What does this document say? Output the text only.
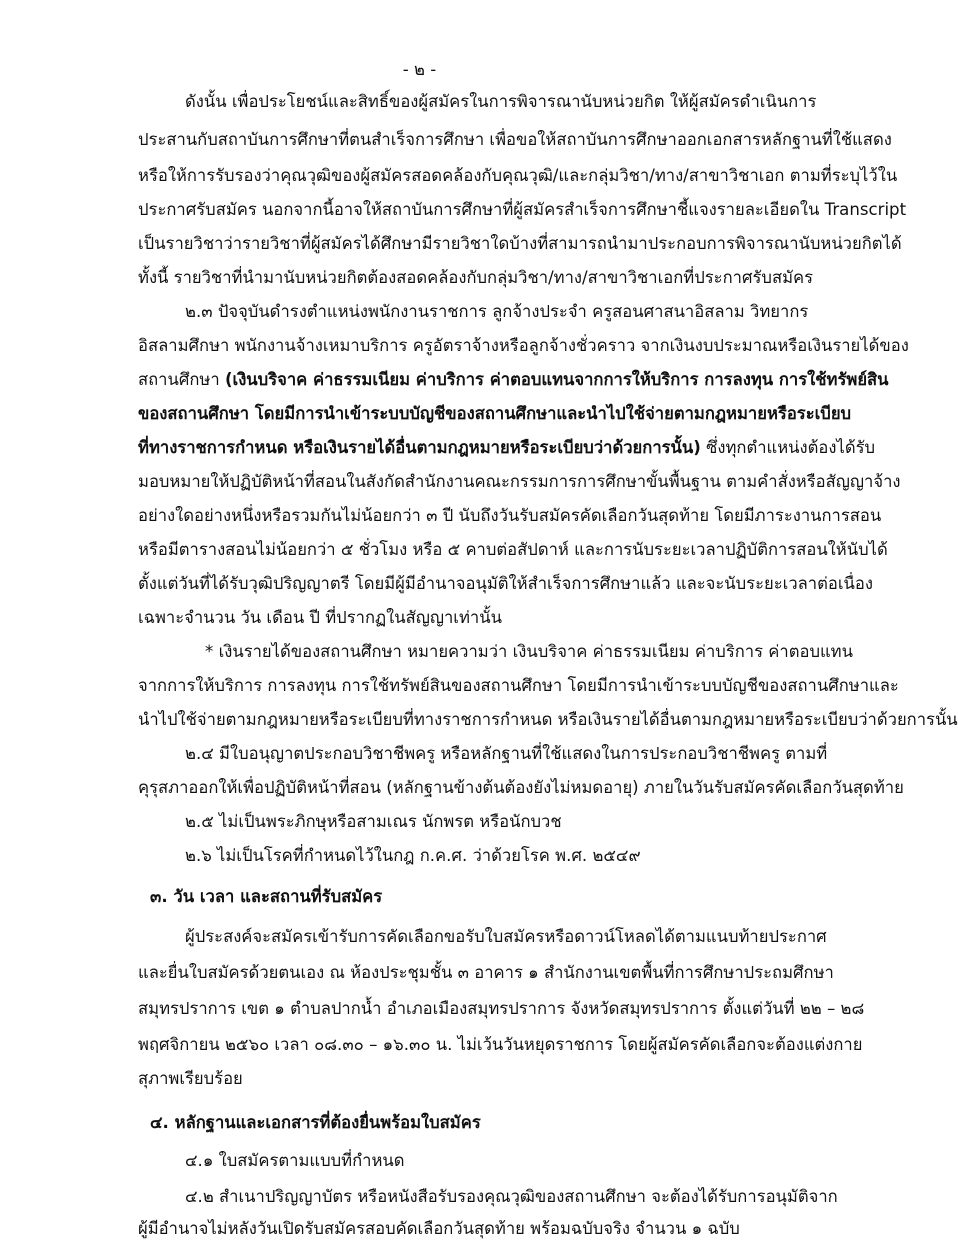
- ๒ -
ดังนั้น เพื่อประโยชน์และสิทธิ์ของผู้สมัครในการพิจารณานับหน่วยกิต ให้ผู้สมัครดำเนินการ
ประสานกับสถาบันการศึกษาที่ตนสำเร็จการศึกษา เพื่อขอให้สถาบันการศึกษาออกเอกสารหลักฐานที่ใช้แสดง
หรือให้การรับรองว่าคุณวุฒิของผู้สมัครสอดคล้องกับคุณวุฒิ/และกลุ่มวิชา/ทาง/สาขาวิชาเอก ตามที่ระบุไว้ใน
ประกาศรับสมัคร นอกจากนี้อาจให้สถาบันการศึกษาที่ผู้สมัครสำเร็จการศึกษาชี้แจงรายละเอียดใน Transcript
เป็นรายวิชาว่ารายวิชาที่ผู้สมัครได้ศึกษามีรายวิชาใดบ้างที่สามารถนำมาประกอบการพิจารณานับหน่วยกิตได้
ทั้งนี้ รายวิชาที่นำมานับหน่วยกิตต้องสอดคล้องกับกลุ่มวิชา/ทาง/สาขาวิชาเอกที่ประกาศรับสมัคร
๒.๓ ปัจจุบันดำรงตำแหน่งพนักงานราชการ ลูกจ้างประจำ ครูสอนศาสนาอิสลาม วิทยากร
อิสลามศึกษา พนักงานจ้างเหมาบริการ ครูอัตราจ้างหรือลูกจ้างชั่วคราว จากเงินงบประมาณหรือเงินรายได้ของ
สถานศึกษา (เงินบริจาค ค่าธรรมเนียม ค่าบริการ ค่าตอบแทนจากการให้บริการ การลงทุน การใช้ทรัพย์สิน
ของสถานศึกษา โดยมีการนำเข้าระบบบัญชีของสถานศึกษาและนำไปใช้จ่ายตามกฎหมายหรือระเบียบ
ที่ทางราชการกำหนด หรือเงินรายได้อื่นตามกฎหมายหรือระเบียบว่าด้วยการนั้น) ซึ่งทุกตำแหน่งต้องได้รับ
มอบหมายให้ปฏิบัติหน้าที่สอนในสังกัดสำนักงานคณะกรรมการการศึกษาขั้นพื้นฐาน ตามคำสั่งหรือสัญญาจ้าง
อย่างใดอย่างหนึ่งหรือรวมกันไม่น้อยกว่า ๓ ปี นับถึงวันรับสมัครคัดเลือกวันสุดท้าย โดยมีภาระงานการสอน
หรือมีตารางสอนไม่น้อยกว่า ๕ ชั่วโมง หรือ ๕ คาบต่อสัปดาห์ และการนับระยะเวลาปฏิบัติการสอนให้นับได้
ตั้งแต่วันที่ได้รับวุฒิปริญญาตรี โดยมีผู้มีอำนาจอนุมัติให้สำเร็จการศึกษาแล้ว และจะนับระยะเวลาต่อเนื่อง
เฉพาะจำนวน วัน เดือน ปี ที่ปรากฏในสัญญาเท่านั้น
* เงินรายได้ของสถานศึกษา หมายความว่า เงินบริจาค ค่าธรรมเนียม ค่าบริการ ค่าตอบแทน
จากการให้บริการ การลงทุน การใช้ทรัพย์สินของสถานศึกษา โดยมีการนำเข้าระบบบัญชีของสถานศึกษาและ
นำไปใช้จ่ายตามกฎหมายหรือระเบียบที่ทางราชการกำหนด หรือเงินรายได้อื่นตามกฎหมายหรือระเบียบว่าด้วยการนั้น
๒.๔ มีใบอนุญาตประกอบวิชาชีพครู หรือหลักฐานที่ใช้แสดงในการประกอบวิชาชีพครู ตามที่
คุรุสภาออกให้เพื่อปฏิบัติหน้าที่สอน (หลักฐานข้างต้นต้องยังไม่หมดอายุ) ภายในวันรับสมัครคัดเลือกวันสุดท้าย
๒.๕ ไม่เป็นพระภิกษุหรือสามเณร นักพรต หรือนักบวช
๒.๖ ไม่เป็นโรคที่กำหนดไว้ในกฎ ก.ค.ศ. ว่าด้วยโรค พ.ศ. ๒๕๔๙
๓. วัน เวลา และสถานที่รับสมัคร
ผู้ประสงค์จะสมัครเข้ารับการคัดเลือกขอรับใบสมัครหรือดาวน์โหลดได้ตามแนบท้ายประกาศ
และยื่นใบสมัครด้วยตนเอง ณ ห้องประชุมชั้น ๓ อาคาร ๑ สำนักงานเขตพื้นที่การศึกษาประถมศึกษา
สมุทรปราการ เขต ๑ ตำบลปากน้ำ อำเภอเมืองสมุทรปราการ จังหวัดสมุทรปราการ ตั้งแต่วันที่ ๒๒ – ๒๘
พฤศจิกายน ๒๕๖๐ เวลา ๐๘.๓๐ – ๑๖.๓๐ น. ไม่เว้นวันหยุดราชการ โดยผู้สมัครคัดเลือกจะต้องแต่งกาย
สุภาพเรียบร้อย
๔. หลักฐานและเอกสารที่ต้องยื่นพร้อมใบสมัคร
๔.๑ ใบสมัครตามแบบที่กำหนด
๔.๒ สำเนาปริญญาบัตร หรือหนังสือรับรองคุณวุฒิของสถานศึกษา จะต้องได้รับการอนุมัติจาก
ผู้มีอำนาจไม่หลังวันเปิดรับสมัครสอบคัดเลือกวันสุดท้าย พร้อมฉบับจริง จำนวน ๑ ฉบับ
